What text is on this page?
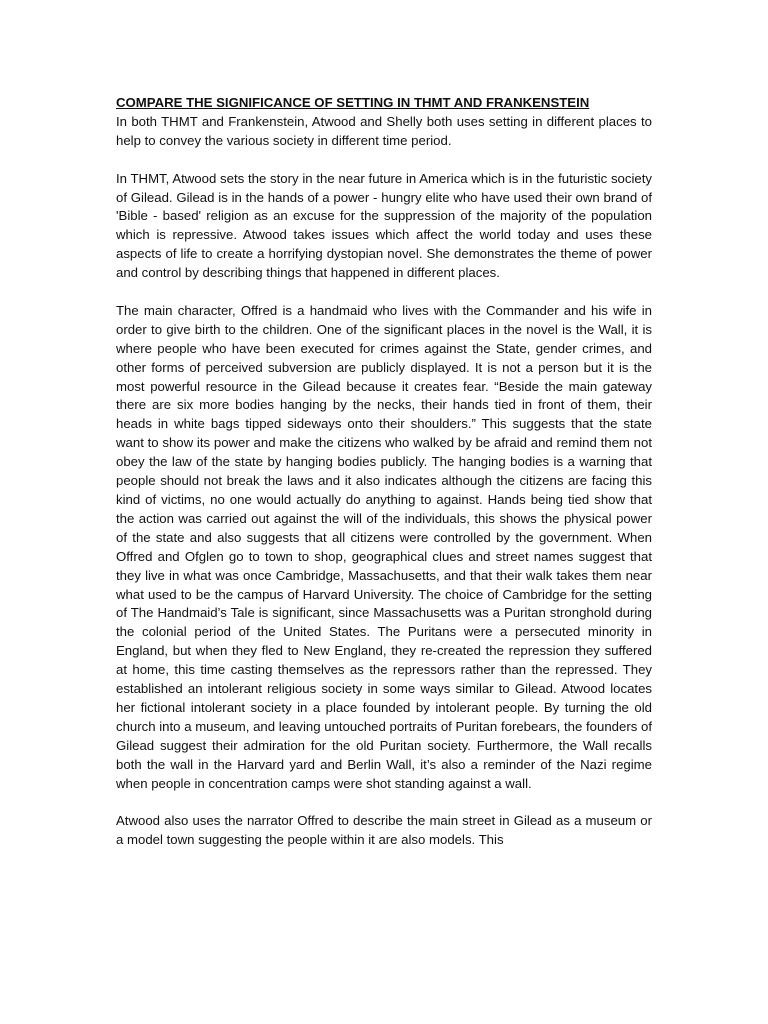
COMPARE THE SIGNIFICANCE OF SETTING IN THMT AND FRANKENSTEIN

In both THMT and Frankenstein, Atwood and Shelly both uses setting in different places to help to convey the various society in different time period.

In THMT, Atwood sets the story in the near future in America which is in the futuristic society of Gilead. Gilead is in the hands of a power - hungry elite who have used their own brand of 'Bible - based' religion as an excuse for the suppression of the majority of the population which is repressive. Atwood takes issues which affect the world today and uses these aspects of life to create a horrifying dystopian novel. She demonstrates the theme of power and control by describing things that happened in different places.

The main character, Offred is a handmaid who lives with the Commander and his wife in order to give birth to the children. One of the significant places in the novel is the Wall, it is where people who have been executed for crimes against the State, gender crimes, and other forms of perceived subversion are publicly displayed. It is not a person but it is the most powerful resource in the Gilead because it creates fear. “Beside the main gateway there are six more bodies hanging by the necks, their hands tied in front of them, their heads in white bags tipped sideways onto their shoulders.” This suggests that the state want to show its power and make the citizens who walked by be afraid and remind them not obey the law of the state by hanging bodies publicly. The hanging bodies is a warning that people should not break the laws and it also indicates although the citizens are facing this kind of victims, no one would actually do anything to against. Hands being tied show that the action was carried out against the will of the individuals, this shows the physical power of the state and also suggests that all citizens were controlled by the government. When Offred and Ofglen go to town to shop, geographical clues and street names suggest that they live in what was once Cambridge, Massachusetts, and that their walk takes them near what used to be the campus of Harvard University. The choice of Cambridge for the setting of The Handmaid’s Tale is significant, since Massachusetts was a Puritan stronghold during the colonial period of the United States. The Puritans were a persecuted minority in England, but when they fled to New England, they re-created the repression they suffered at home, this time casting themselves as the repressors rather than the repressed. They established an intolerant religious society in some ways similar to Gilead. Atwood locates her fictional intolerant society in a place founded by intolerant people. By turning the old church into a museum, and leaving untouched portraits of Puritan forebears, the founders of Gilead suggest their admiration for the old Puritan society. Furthermore, the Wall recalls both the wall in the Harvard yard and Berlin Wall, it’s also a reminder of the Nazi regime when people in concentration camps were shot standing against a wall.

Atwood also uses the narrator Offred to describe the main street in Gilead as a museum or a model town suggesting the people within it are also models. This
